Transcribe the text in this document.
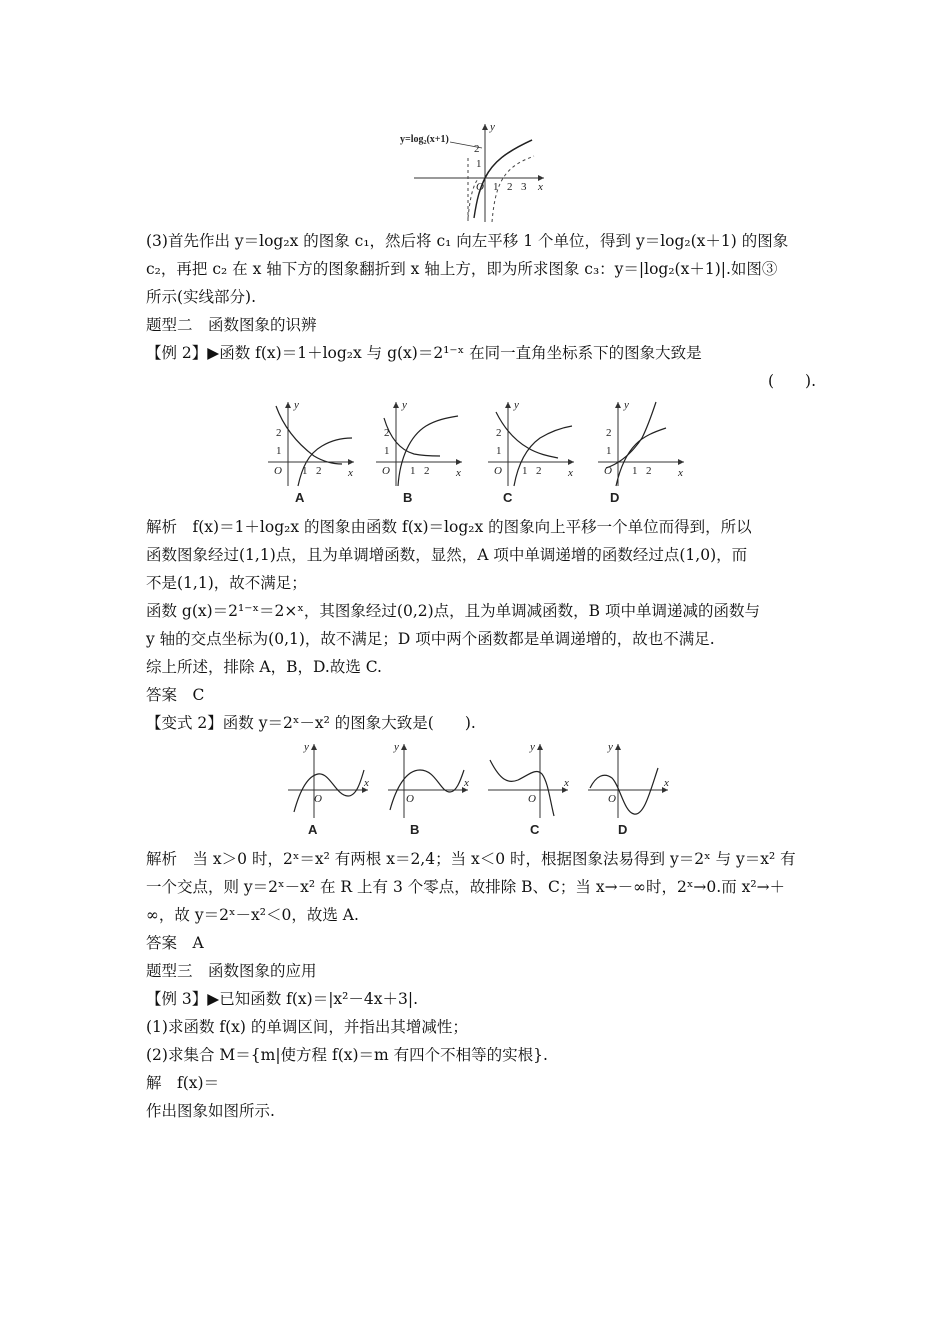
y
x
O
2
1
1 2 3
y=log₂(x+1)
(3)首先作出 y＝log₂x 的图象 c₁，然后将 c₁ 向左平移 1 个单位，得到 y＝log₂(x＋1) 的图象
c₂，再把 c₂ 在 x 轴下方的图象翻折到 x 轴上方，即为所求图象 c₃：y＝|log₂(x＋1)|.如图③
所示(实线部分).
题型二　函数图象的识辨
【例 2】▶函数 f(x)＝1＋log₂x 与 g(x)＝2¹⁻ˣ 在同一直角坐标系下的图象大致是
(　　).
y
x
O
2
1
1 2
y
x
O
2
1
1 2
y
x
O
2
1
1 2
y
x
O
2
1
1 2
A	B	C	D
解析　f(x)＝1＋log₂x 的图象由函数 f(x)＝log₂x 的图象向上平移一个单位而得到，所以
函数图象经过(1,1)点，且为单调增函数，显然，A 项中单调递增的函数经过点(1,0)，而
不是(1,1)，故不满足；
函数 g(x)＝2¹⁻ˣ＝2×ˣ，其图象经过(0,2)点，且为单调减函数，B 项中单调递减的函数与
y 轴的交点坐标为(0,1)，故不满足；D 项中两个函数都是单调递增的，故也不满足.
综上所述，排除 A，B，D.故选 C.
答案　C
【变式 2】函数 y＝2ˣ－x² 的图象大致是(　　).
y
x
O
y
x
O
y
x
O
y
x
O
A	B	C	D
解析　当 x＞0 时，2ˣ＝x² 有两根 x＝2,4；当 x＜0 时，根据图象法易得到 y＝2ˣ 与 y＝x² 有
一个交点，则 y＝2ˣ－x² 在 R 上有 3 个零点，故排除 B、C；当 x→－∞时，2ˣ→0.而 x²→＋
∞，故 y＝2ˣ－x²＜0，故选 A.
答案　A
题型三　函数图象的应用
【例 3】▶已知函数 f(x)＝|x²－4x＋3|.
(1)求函数 f(x) 的单调区间，并指出其增减性；
(2)求集合 M＝{m|使方程 f(x)＝m 有四个不相等的实根}.
解　f(x)＝
作出图象如图所示.
